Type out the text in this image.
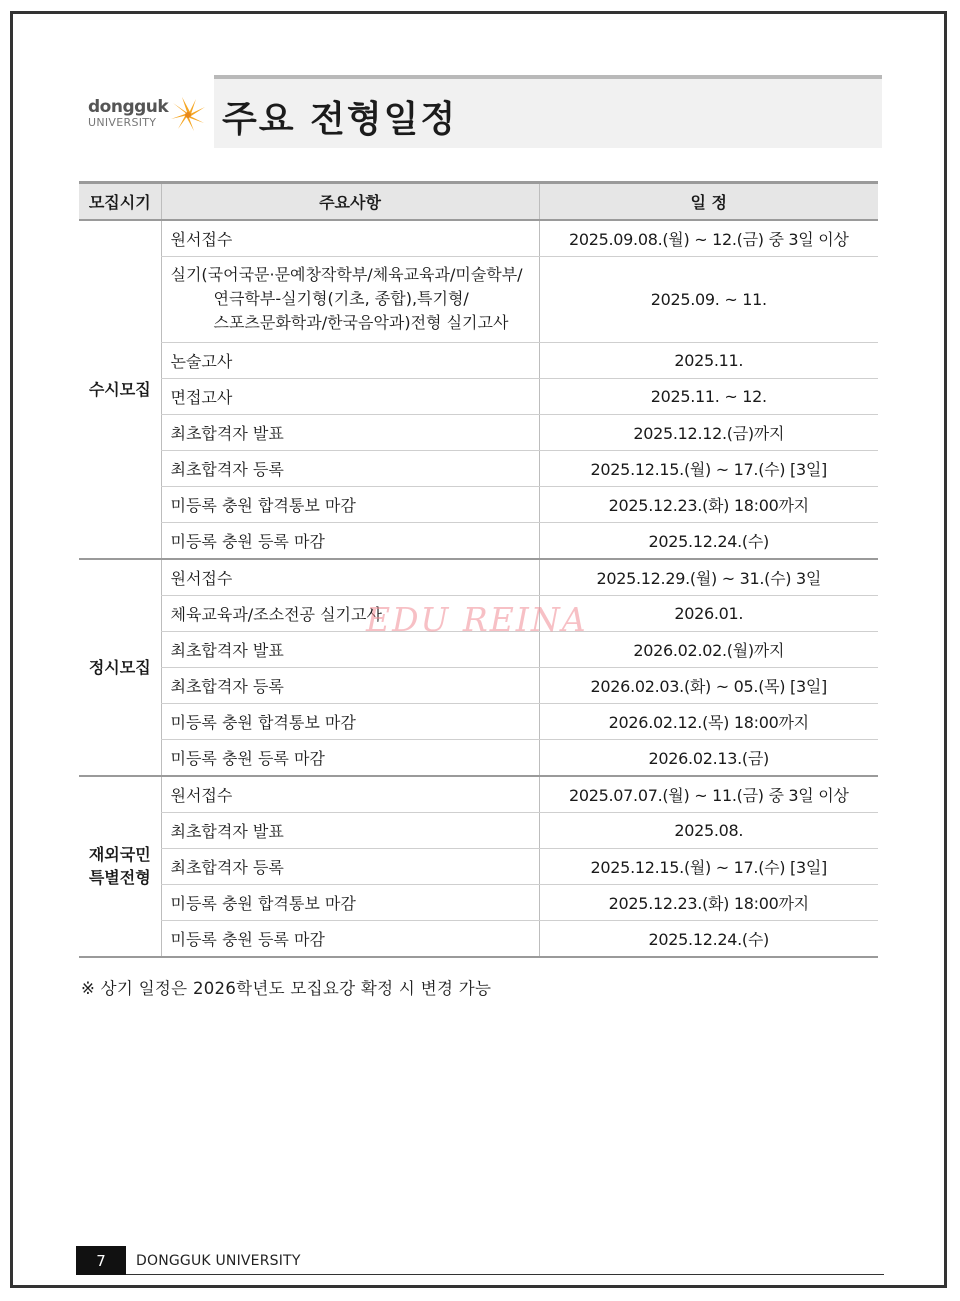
dongguk
UNIVERSITY 주요 전형일정
모집시기	주요사항	일 정

수시모집	원서접수	2025.09.08.(월) ~ 12.(금) 중 3일 이상
	실기(국어국문·문예창작학부/체육교육과/미술학부/
연극학부-실기형(기초, 종합),특기형/
스포츠문화학과/한국음악과)전형 실기고사	2025.09. ~ 11.
	논술고사	2025.11.
	면접고사	2025.11. ~ 12.
	최초합격자 발표	2025.12.12.(금)까지
	최초합격자 등록	2025.12.15.(월) ~ 17.(수) [3일]
	미등록 충원 합격통보 마감	2025.12.23.(화) 18:00까지
	미등록 충원 등록 마감	2025.12.24.(수)

정시모집	원서접수	2025.12.29.(월) ~ 31.(수) 3일
	체육교육과/조소전공 실기고사	2026.01.
	최초합격자 발표	2026.02.02.(월)까지
	최초합격자 등록	2026.02.03.(화) ~ 05.(목) [3일]
	미등록 충원 합격통보 마감	2026.02.12.(목) 18:00까지
	미등록 충원 등록 마감	2026.02.13.(금)

재외국민
특별전형	원서접수	2025.07.07.(월) ~ 11.(금) 중 3일 이상
	최초합격자 발표	2025.08.
	최초합격자 등록	2025.12.15.(월) ~ 17.(수) [3일]
	미등록 충원 합격통보 마감	2025.12.23.(화) 18:00까지
	미등록 충원 등록 마감	2025.12.24.(수)
EDU REINA
※ 상기 일정은 2026학년도 모집요강 확정 시 변경 가능
7	DONGGUK UNIVERSITY
